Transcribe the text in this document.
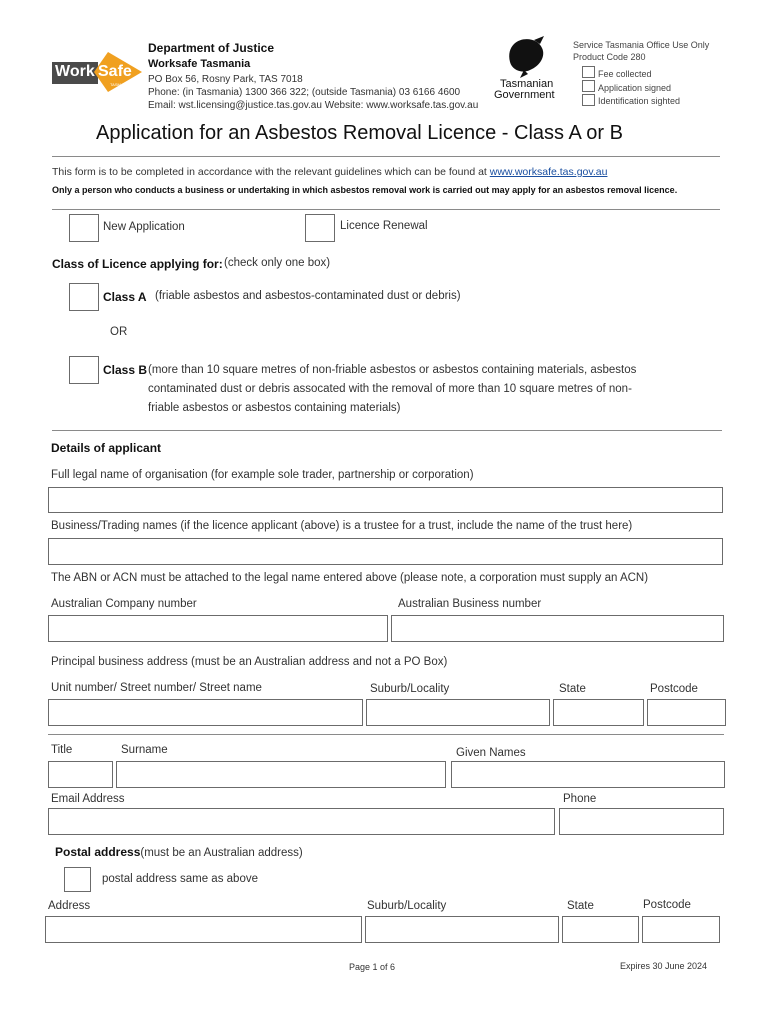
Work Safe
TASMANIA
Department of Justice
Worksafe Tasmania
PO Box 56, Rosny Park, TAS 7018
Phone: (in Tasmania) 1300 366 322; (outside Tasmania) 03 6166 4600
Email: wst.licensing@justice.tas.gov.au Website: www.worksafe.tas.gov.au
Tasmanian
Government
Service Tasmania Office Use Only
Product Code 280
Fee collected
Application signed
Identification sighted
Application for an Asbestos Removal Licence - Class A or B
This form is to be completed in accordance with the relevant guidelines which can be found at www.worksafe.tas.gov.au
Only a person who conducts a business or undertaking in which asbestos removal work is carried out may apply for an asbestos removal licence.
New Application	Licence Renewal
Class of Licence applying for: (check only one box)
Class A (friable asbestos and asbestos-contaminated dust or debris)
OR
Class B (more than 10 square metres of non-friable asbestos or asbestos containing materials, asbestos
contaminated dust or debris assocated with the removal of more than 10 square metres of non-
friable asbestos or asbestos containing materials)
Details of applicant
Full legal name of organisation (for example sole trader, partnership or corporation)
Business/Trading names (if the licence applicant (above) is a trustee for a trust, include the name of the trust here)
The ABN or ACN must be attached to the legal name entered above (please note, a corporation must supply an ACN)
Australian Company number	Australian Business number
Principal business address (must be an Australian address and not a PO Box)
Unit number/ Street number/ Street name	Suburb/Locality	State	Postcode
Title	Surname	Given Names
Email Address	Phone
Postal address(must be an Australian address)
postal address same as above
Address	Suburb/Locality	State	Postcode
Page 1 of 6	Expires 30 June 2024
